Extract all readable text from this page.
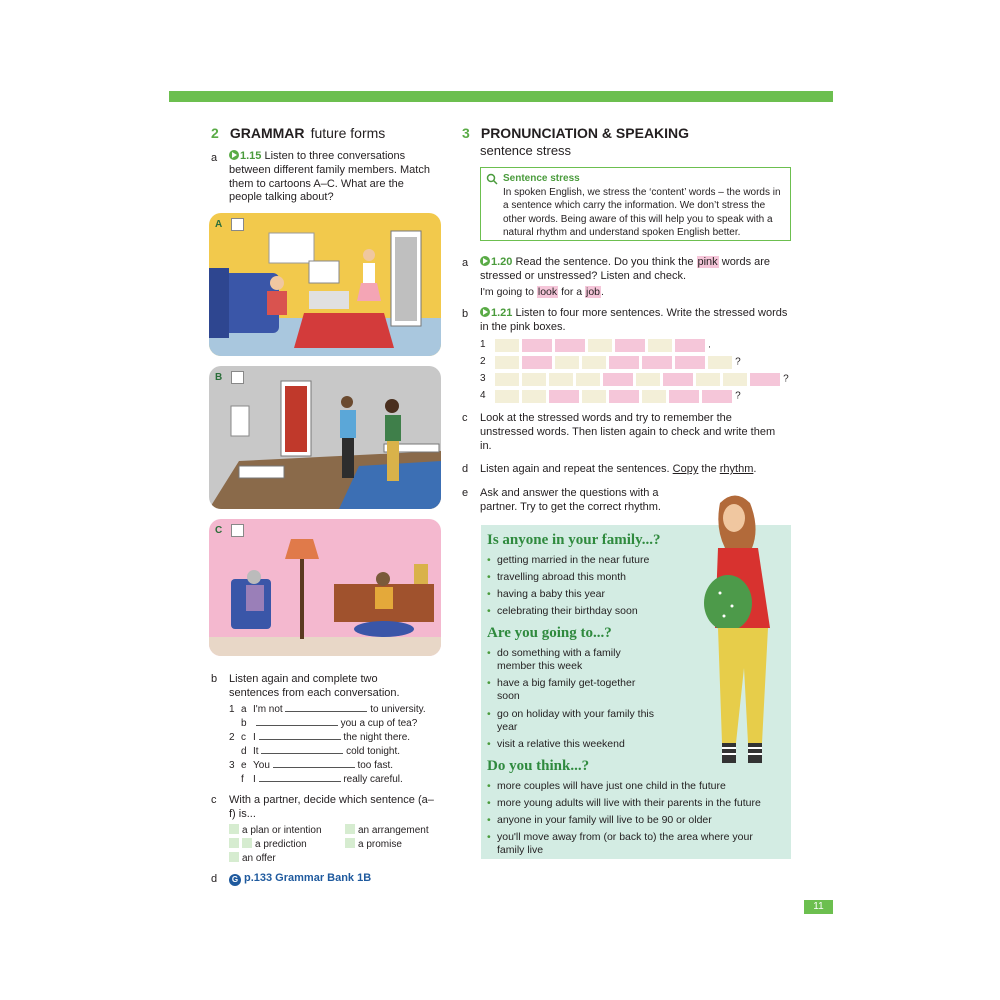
2 GRAMMAR future forms
a	1.15 Listen to three conversations between different family members. Match them to cartoons A–C. What are the people talking about?
A
B
C
b Listen again and complete two sentences from each conversation.
1 a I'm not	to university.
b	you a cup of tea?
2 c I	the night there.
d It	cold tonight.
3 e You	too fast.
f I	really careful.
c With a partner, decide which sentence (a–f) is...
a plan or intention	an arrangement
a prediction	a promise
an offer
d	G p.133 Grammar Bank 1B
3 PRONUNCIATION & SPEAKING
sentence stress
Sentence stress
In spoken English, we stress the ‘content’ words – the words in a sentence which carry the information. We don’t stress the other words. Being aware of this will help you to speak with a natural rhythm and understand spoken English better.
a	1.20 Read the sentence. Do you think the pink words are stressed or unstressed? Listen and check.
I'm going to look for a job.
b	1.21 Listen to four more sentences. Write the stressed words in the pink boxes.
1	.
2	?
3	?
4	?
c Look at the stressed words and try to remember the unstressed words. Then listen again to check and write them in.
d Listen again and repeat the sentences. Copy the rhythm.
e Ask and answer the questions with a partner. Try to get the correct rhythm.
Is anyone in your family...?
• getting married in the near future
• travelling abroad this month
• having a baby this year
• celebrating their birthday soon
Are you going to...?
• do something with a family member this week
• have a big family get-together soon
• go on holiday with your family this year
• visit a relative this weekend
Do you think...?
• more couples will have just one child in the future
• more young adults will live with their parents in the future
• anyone in your family will live to be 90 or older
• you'll move away from (or back to) the area where your family live
11
